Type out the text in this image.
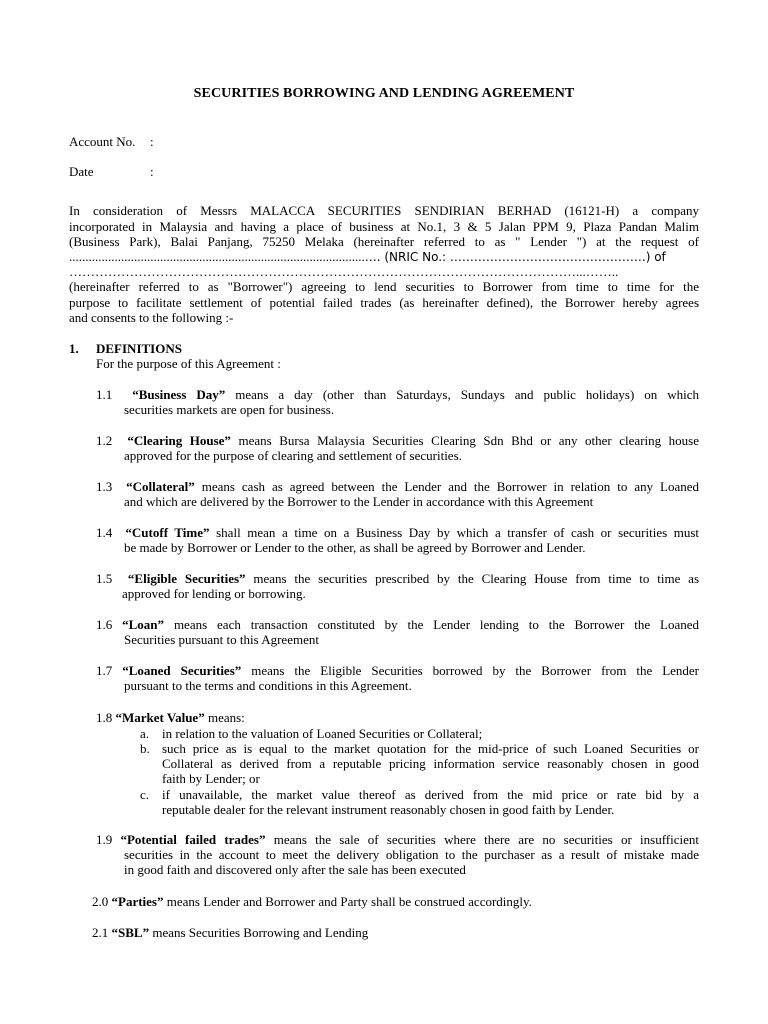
SECURITIES BORROWING AND LENDING AGREEMENT
Account No. :
Date	:
In consideration of Messrs MALACCA SECURITIES SENDIRIAN BERHAD (16121-H) a company
incorporated in Malaysia and having a place of business at No.1, 3 & 5 Jalan PPM 9, Plaza Pandan Malim
(Business Park), Balai Panjang, 75250 Melaka (hereinafter referred to as " Lender ") at the request of
...........................................................................................…. (NRIC No.: ………………………………………….) of
………………………………………………………………………………………………………...……..
(hereinafter referred to as "Borrower") agreeing to lend securities to Borrower from time to time for the
purpose to facilitate settlement of potential failed trades (as hereinafter defined), the Borrower hereby agrees
and consents to the following :-
1. DEFINITIONS
For the purpose of this Agreement :
1.1 “Business Day” means a day (other than Saturdays, Sundays and public holidays) on which
securities markets are open for business.
1.2 “Clearing House” means Bursa Malaysia Securities Clearing Sdn Bhd or any other clearing house
approved for the purpose of clearing and settlement of securities.
1.3 “Collateral” means cash as agreed between the Lender and the Borrower in relation to any Loaned
and which are delivered by the Borrower to the Lender in accordance with this Agreement
1.4 “Cutoff Time” shall mean a time on a Business Day by which a transfer of cash or securities must
be made by Borrower or Lender to the other, as shall be agreed by Borrower and Lender.
1.5 “Eligible Securities” means the securities prescribed by the Clearing House from time to time as
approved for lending or borrowing.
1.6 “Loan” means each transaction constituted by the Lender lending to the Borrower the Loaned
Securities pursuant to this Agreement
1.7 “Loaned Securities” means the Eligible Securities borrowed by the Borrower from the Lender
pursuant to the terms and conditions in this Agreement.
1.8 “Market Value” means:
a. in relation to the valuation of Loaned Securities or Collateral;
b. such price as is equal to the market quotation for the mid-price of such Loaned Securities or
Collateral as derived from a reputable pricing information service reasonably chosen in good
faith by Lender; or
c. if unavailable, the market value thereof as derived from the mid price or rate bid by a
reputable dealer for the relevant instrument reasonably chosen in good faith by Lender.
1.9 “Potential failed trades” means the sale of securities where there are no securities or insufficient
securities in the account to meet the delivery obligation to the purchaser as a result of mistake made
in good faith and discovered only after the sale has been executed
2.0 “Parties” means Lender and Borrower and Party shall be construed accordingly.
2.1 “SBL” means Securities Borrowing and Lending
